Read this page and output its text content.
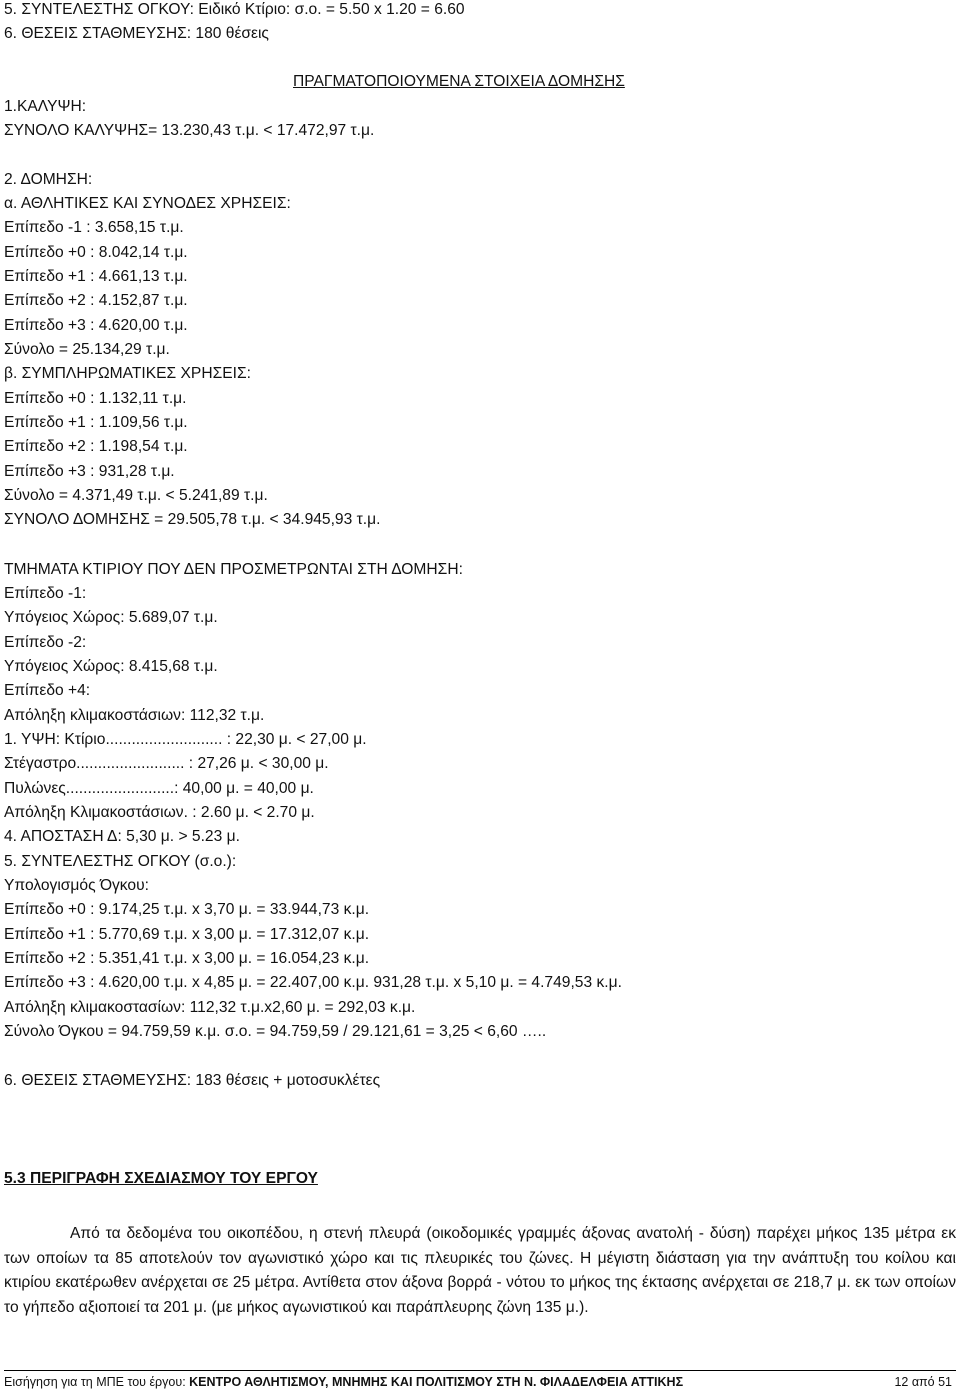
5. ΣΥΝΤΕΛΕΣΤΗΣ ΟΓΚΟΥ: Ειδικό Κτίριο: σ.ο. = 5.50 x 1.20 = 6.60
6. ΘΕΣΕΙΣ ΣΤΑΘΜΕΥΣΗΣ: 180 θέσεις
ΠΡΑΓΜΑΤΟΠΟΙΟΥΜΕΝΑ ΣΤΟΙΧΕΙΑ ΔΟΜΗΣΗΣ
1.ΚΑΛΥΨΗ:
ΣΥΝΟΛΟ ΚΑΛΥΨΗΣ= 13.230,43 τ.μ. < 17.472,97 τ.μ.
2. ΔΟΜΗΣΗ:
α. ΑΘΛΗΤΙΚΕΣ ΚΑΙ ΣΥΝΟΔΕΣ ΧΡΗΣΕΙΣ:
Επίπεδο -1 : 3.658,15 τ.μ.
Επίπεδο +0 : 8.042,14 τ.μ.
Επίπεδο +1 : 4.661,13 τ.μ.
Επίπεδο +2 : 4.152,87 τ.μ.
Επίπεδο +3 : 4.620,00 τ.μ.
Σύνολο = 25.134,29 τ.μ.
β. ΣΥΜΠΛΗΡΩΜΑΤΙΚΕΣ ΧΡΗΣΕΙΣ:
Επίπεδο +0 : 1.132,11 τ.μ.
Επίπεδο +1 : 1.109,56 τ.μ.
Επίπεδο +2 : 1.198,54 τ.μ.
Επίπεδο +3 : 931,28 τ.μ.
Σύνολο = 4.371,49 τ.μ. < 5.241,89 τ.μ.
ΣΥΝΟΛΟ ΔΟΜΗΣΗΣ = 29.505,78 τ.μ. < 34.945,93 τ.μ.
ΤΜΗΜΑΤΑ ΚΤΙΡΙΟΥ ΠΟΥ ΔΕΝ ΠΡΟΣΜΕΤΡΩΝΤΑΙ ΣΤΗ ΔΟΜΗΣΗ:
Επίπεδο -1:
Υπόγειος Χώρος: 5.689,07 τ.μ.
Επίπεδο -2:
Υπόγειος Χώρος: 8.415,68 τ.μ.
Επίπεδο +4:
Απόληξη κλιμακοστάσιων: 112,32 τ.μ.
1. ΥΨΗ: Κτίριο........................... : 22,30 μ. < 27,00 μ.
Στέγαστρο......................... : 27,26 μ. < 30,00 μ.
Πυλώνες.........................: 40,00 μ. = 40,00 μ.
Απόληξη Κλιμακοστάσιων. : 2.60 μ. < 2.70 μ.
4. ΑΠΟΣΤΑΣΗ Δ: 5,30 μ. > 5.23 μ.
5. ΣΥΝΤΕΛΕΣΤΗΣ ΟΓΚΟΥ (σ.ο.):
Υπολογισμός Όγκου:
Επίπεδο +0 : 9.174,25 τ.μ. x 3,70 μ. = 33.944,73 κ.μ.
Επίπεδο +1 : 5.770,69 τ.μ. x 3,00 μ. = 17.312,07 κ.μ.
Επίπεδο +2 : 5.351,41 τ.μ. x 3,00 μ. = 16.054,23 κ.μ.
Επίπεδο +3 : 4.620,00 τ.μ. x 4,85 μ. = 22.407,00 κ.μ. 931,28 τ.μ. x 5,10 μ. = 4.749,53 κ.μ.
Απόληξη κλιμακοστασίων: 112,32 τ.μ.x2,60 μ. = 292,03 κ.μ.
Σύνολο Όγκου = 94.759,59 κ.μ. σ.ο. = 94.759,59 / 29.121,61 = 3,25 < 6,60 …..
6. ΘΕΣΕΙΣ ΣΤΑΘΜΕΥΣΗΣ: 183 θέσεις + μοτοσυκλέτες
5.3 ΠΕΡΙΓΡΑΦΗ ΣΧΕΔΙΑΣΜΟΥ ΤΟΥ ΕΡΓΟΥ

Από τα δεδομένα του οικοπέδου, η στενή πλευρά (οικοδομικές γραμμές άξονας ανατολή - δύση) παρέχει μήκος 135 μέτρα εκ των οποίων τα 85 αποτελούν τον αγωνιστικό χώρο και τις πλευρικές του ζώνες. Η μέγιστη διάσταση για την ανάπτυξη του κοίλου και κτιρίου εκατέρωθεν ανέρχεται σε 25 μέτρα. Αντίθετα στον άξονα βορρά - νότου το μήκος της έκτασης ανέρχεται σε 218,7 μ. εκ των οποίων το γήπεδο αξιοποιεί τα 201 μ. (με μήκος αγωνιστικού και παράπλευρης ζώνη 135 μ.).

Εισήγηση για τη ΜΠΕ του έργου: ΚΕΝΤΡΟ ΑΘΛΗΤΙΣΜΟΥ, ΜΝΗΜΗΣ ΚΑΙ ΠΟΛΙΤΙΣΜΟΥ ΣΤΗ Ν. ΦΙΛΑΔΕΛΦΕΙΑ ΑΤΤΙΚΗΣ	12 από 51
